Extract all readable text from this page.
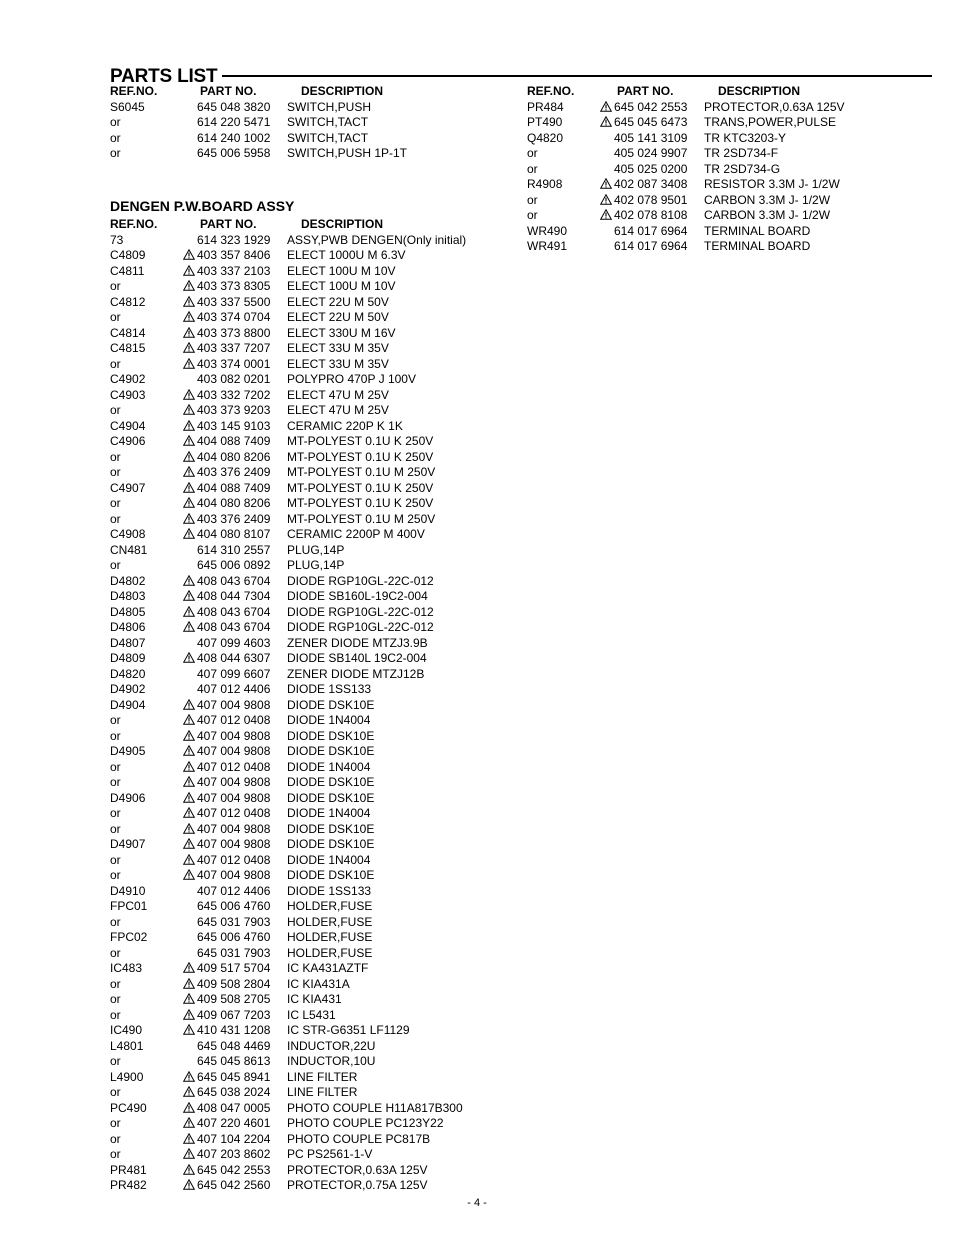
PARTS LIST
REF.NO.	PART NO.	DESCRIPTION
S6045	645 048 3820	SWITCH,PUSH
or	614 220 5471	SWITCH,TACT
or	614 240 1002	SWITCH,TACT
or	645 006 5958	SWITCH,PUSH 1P-1T
DENGEN P.W.BOARD ASSY
REF.NO.	PART NO.	DESCRIPTION
73	614 323 1929	ASSY,PWB DENGEN(Only initial)
C4809	403 357 8406	ELECT 1000U M 6.3V
C4811	403 337 2103	ELECT 100U M 10V
or	403 373 8305	ELECT 100U M 10V
C4812	403 337 5500	ELECT 22U M 50V
or	403 374 0704	ELECT 22U M 50V
C4814	403 373 8800	ELECT 330U M 16V
C4815	403 337 7207	ELECT 33U M 35V
or	403 374 0001	ELECT 33U M 35V
C4902	403 082 0201	POLYPRO 470P J 100V
C4903	403 332 7202	ELECT 47U M 25V
or	403 373 9203	ELECT 47U M 25V
C4904	403 145 9103	CERAMIC 220P K 1K
C4906	404 088 7409	MT-POLYEST 0.1U K 250V
or	404 080 8206	MT-POLYEST 0.1U K 250V
or	403 376 2409	MT-POLYEST 0.1U M 250V
C4907	404 088 7409	MT-POLYEST 0.1U K 250V
or	404 080 8206	MT-POLYEST 0.1U K 250V
or	403 376 2409	MT-POLYEST 0.1U M 250V
C4908	404 080 8107	CERAMIC 2200P M 400V
CN481	614 310 2557	PLUG,14P
or	645 006 0892	PLUG,14P
D4802	408 043 6704	DIODE RGP10GL-22C-012
D4803	408 044 7304	DIODE SB160L-19C2-004
D4805	408 043 6704	DIODE RGP10GL-22C-012
D4806	408 043 6704	DIODE RGP10GL-22C-012
D4807	407 099 4603	ZENER DIODE MTZJ3.9B
D4809	408 044 6307	DIODE SB140L 19C2-004
D4820	407 099 6607	ZENER DIODE MTZJ12B
D4902	407 012 4406	DIODE 1SS133
D4904	407 004 9808	DIODE DSK10E
or	407 012 0408	DIODE 1N4004
or	407 004 9808	DIODE DSK10E
D4905	407 004 9808	DIODE DSK10E
or	407 012 0408	DIODE 1N4004
or	407 004 9808	DIODE DSK10E
D4906	407 004 9808	DIODE DSK10E
or	407 012 0408	DIODE 1N4004
or	407 004 9808	DIODE DSK10E
D4907	407 004 9808	DIODE DSK10E
or	407 012 0408	DIODE 1N4004
or	407 004 9808	DIODE DSK10E
D4910	407 012 4406	DIODE 1SS133
FPC01	645 006 4760	HOLDER,FUSE
or	645 031 7903	HOLDER,FUSE
FPC02	645 006 4760	HOLDER,FUSE
or	645 031 7903	HOLDER,FUSE
IC483	409 517 5704	IC KA431AZTF
or	409 508 2804	IC KIA431A
or	409 508 2705	IC KIA431
or	409 067 7203	IC L5431
IC490	410 431 1208	IC STR-G6351 LF1129
L4801	645 048 4469	INDUCTOR,22U
or	645 045 8613	INDUCTOR,10U
L4900	645 045 8941	LINE FILTER
or	645 038 2024	LINE FILTER
PC490	408 047 0005	PHOTO COUPLE H11A817B300
or	407 220 4601	PHOTO COUPLE PC123Y22
or	407 104 2204	PHOTO COUPLE PC817B
or	407 203 8602	PC PS2561-1-V
PR481	645 042 2553	PROTECTOR,0.63A 125V
PR482	645 042 2560	PROTECTOR,0.75A 125V
REF.NO.	PART NO.	DESCRIPTION
PR484	645 042 2553	PROTECTOR,0.63A 125V
PT490	645 045 6473	TRANS,POWER,PULSE
Q4820	405 141 3109	TR KTC3203-Y
or	405 024 9907	TR 2SD734-F
or	405 025 0200	TR 2SD734-G
R4908	402 087 3408	RESISTOR 3.3M J- 1/2W
or	402 078 9501	CARBON 3.3M J- 1/2W
or	402 078 8108	CARBON 3.3M J- 1/2W
WR490	614 017 6964	TERMINAL BOARD
WR491	614 017 6964	TERMINAL BOARD
- 4 -
